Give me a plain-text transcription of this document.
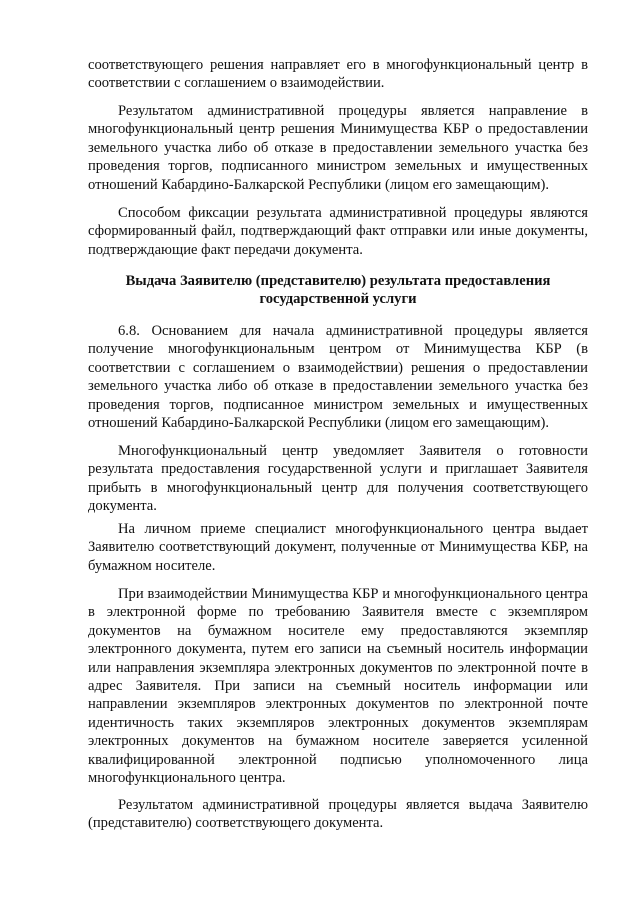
соответствующего решения направляет его в многофункциональный центр в соответствии с соглашением о взаимодействии.

Результатом административной процедуры является направление в многофункциональный центр решения Минимущества КБР о предоставлении земельного участка либо об отказе в предоставлении земельного участка без проведения торгов, подписанного министром земельных и имущественных отношений Кабардино-Балкарской Республики (лицом его замещающим).

Способом фиксации результата административной процедуры являются сформированный файл, подтверждающий факт отправки или иные документы, подтверждающие факт передачи документа.

Выдача Заявителю (представителю) результата предоставления государственной услуги

6.8. Основанием для начала административной процедуры является получение многофункциональным центром от Минимущества КБР (в соответствии с соглашением о взаимодействии) решения о предоставлении земельного участка либо об отказе в предоставлении земельного участка без проведения торгов, подписанное министром земельных и имущественных отношений Кабардино-Балкарской Республики (лицом его замещающим).

Многофункциональный центр уведомляет Заявителя о готовности результата предоставления государственной услуги и приглашает Заявителя прибыть в многофункциональный центр для получения соответствующего документа.

На личном приеме специалист многофункционального центра выдает Заявителю соответствующий документ, полученные от Минимущества КБР, на бумажном носителе.

При взаимодействии Минимущества КБР и многофункционального центра в электронной форме по требованию Заявителя вместе с экземпляром документов на бумажном носителе ему предоставляются экземпляр электронного документа, путем его записи на съемный носитель информации или направления экземпляра электронных документов по электронной почте в адрес Заявителя. При записи на съемный носитель информации или направлении экземпляров электронных документов по электронной почте идентичность таких экземпляров электронных документов экземплярам электронных документов на бумажном носителе заверяется усиленной квалифицированной электронной подписью уполномоченного лица многофункционального центра.

Результатом административной процедуры является выдача Заявителю (представителю) соответствующего документа.
